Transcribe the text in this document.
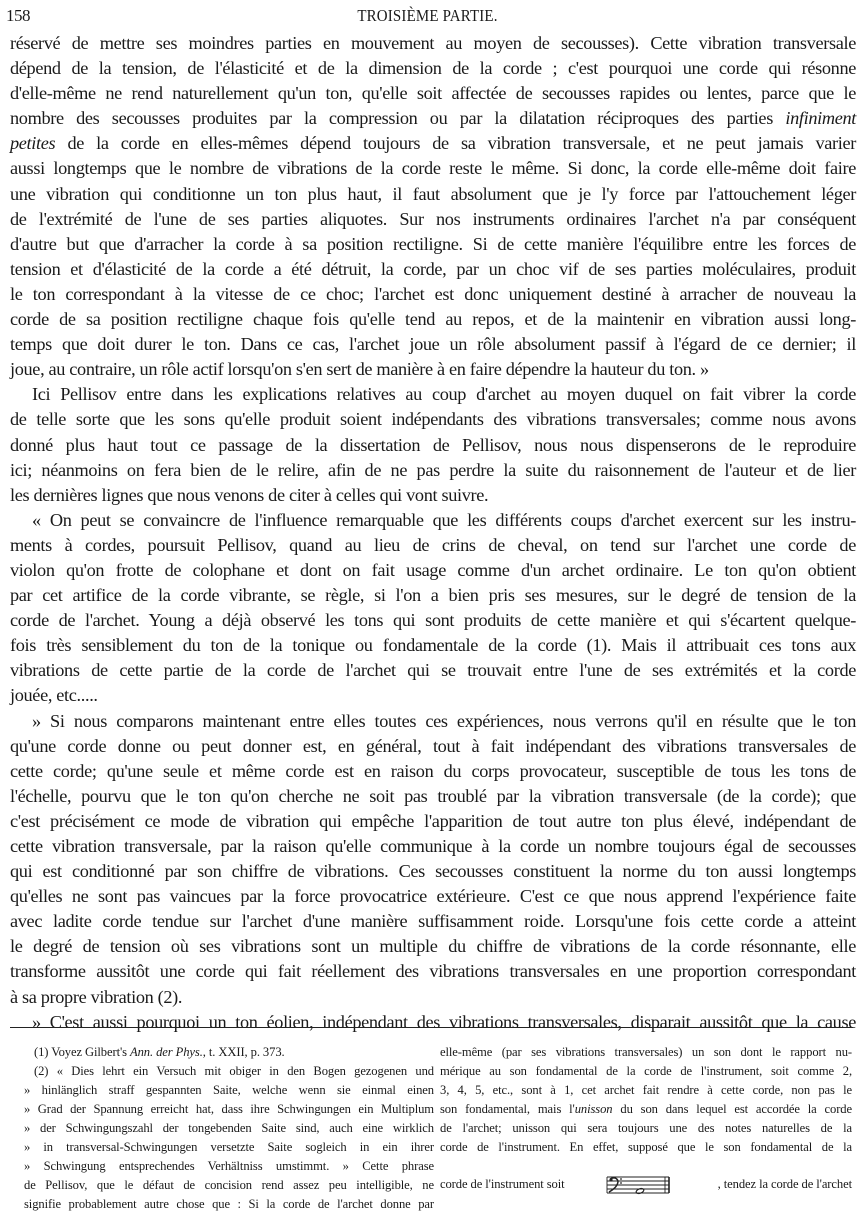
158	TROISIÈME PARTIE.
réservé de mettre ses moindres parties en mouvement au moyen de secousses). Cette vibration transversale
dépend de la tension, de l'élasticité et de la dimension de la corde ; c'est pourquoi une corde qui résonne
d'elle-même ne rend naturellement qu'un ton, qu'elle soit affectée de secousses rapides ou lentes, parce que le
nombre des secousses produites par la compression ou par la dilatation réciproques des parties infiniment
petites de la corde en elles-mêmes dépend toujours de sa vibration transversale, et ne peut jamais varier
aussi longtemps que le nombre de vibrations de la corde reste le même. Si donc, la corde elle-même doit faire
une vibration qui conditionne un ton plus haut, il faut absolument que je l'y force par l'attouchement léger
de l'extrémité de l'une de ses parties aliquotes. Sur nos instruments ordinaires l'archet n'a par conséquent
d'autre but que d'arracher la corde à sa position rectiligne. Si de cette manière l'équilibre entre les forces de
tension et d'élasticité de la corde a été détruit, la corde, par un choc vif de ses parties moléculaires, produit
le ton correspondant à la vitesse de ce choc; l'archet est donc uniquement destiné à arracher de nouveau la
corde de sa position rectiligne chaque fois qu'elle tend au repos, et de la maintenir en vibration aussi long-
temps que doit durer le ton. Dans ce cas, l'archet joue un rôle absolument passif à l'égard de ce dernier; il
joue, au contraire, un rôle actif lorsqu'on s'en sert de manière à en faire dépendre la hauteur du ton. »
Ici Pellisov entre dans les explications relatives au coup d'archet au moyen duquel on fait vibrer la corde
de telle sorte que les sons qu'elle produit soient indépendants des vibrations transversales; comme nous avons
donné plus haut tout ce passage de la dissertation de Pellisov, nous nous dispenserons de le reproduire
ici; néanmoins on fera bien de le relire, afin de ne pas perdre la suite du raisonnement de l'auteur et de lier
les dernières lignes que nous venons de citer à celles qui vont suivre.
« On peut se convaincre de l'influence remarquable que les différents coups d'archet exercent sur les instru-
ments à cordes, poursuit Pellisov, quand au lieu de crins de cheval, on tend sur l'archet une corde de
violon qu'on frotte de colophane et dont on fait usage comme d'un archet ordinaire. Le ton qu'on obtient
par cet artifice de la corde vibrante, se règle, si l'on a bien pris ses mesures, sur le degré de tension de la
corde de l'archet. Young a déjà observé les tons qui sont produits de cette manière et qui s'écartent quelque-
fois très sensiblement du ton de la tonique ou fondamentale de la corde (1). Mais il attribuait ces tons aux
vibrations de cette partie de la corde de l'archet qui se trouvait entre l'une de ses extrémités et la corde
jouée, etc.....
» Si nous comparons maintenant entre elles toutes ces expériences, nous verrons qu'il en résulte que le ton
qu'une corde donne ou peut donner est, en général, tout à fait indépendant des vibrations transversales de
cette corde; qu'une seule et même corde est en raison du corps provocateur, susceptible de tous les tons de
l'échelle, pourvu que le ton qu'on cherche ne soit pas troublé par la vibration transversale (de la corde); que
c'est précisément ce mode de vibration qui empêche l'apparition de tout autre ton plus élevé, indépendant de
cette vibration transversale, par la raison qu'elle communique à la corde un nombre toujours égal de secousses
qui est conditionné par son chiffre de vibrations. Ces secousses constituent la norme du ton aussi longtemps
qu'elles ne sont pas vaincues par la force provocatrice extérieure. C'est ce que nous apprend l'expérience faite
avec ladite corde tendue sur l'archet d'une manière suffisamment roide. Lorsqu'une fois cette corde a atteint
le degré de tension où ses vibrations sont un multiple du chiffre de vibrations de la corde résonnante, elle
transforme aussitôt une corde qui fait réellement des vibrations transversales en une proportion correspondant
à sa propre vibration (2).
» C'est aussi pourquoi un ton éolien, indépendant des vibrations transversales, disparait aussitôt que la cause
(1) Voyez Gilbert's Ann. der Phys., t. XXII, p. 373.
(2) « Dies lehrt ein Versuch mit obiger in den Bogen gezogenen und
» hinlänglich straff gespannten Saite, welche wenn sie einmal einen
» Grad der Spannung erreicht hat, dass ihre Schwingungen ein Multiplum
» der Schwingungszahl der tongebenden Saite sind, auch eine wirklich
» in transversal-Schwingungen versetzte Saite sogleich in ein ihrer
» Schwingung entsprechendes Verhältniss umstimmt. » Cette phrase
de Pellisov, que le défaut de concision rend assez peu intelligible, ne
signifie probablement autre chose que : Si la corde de l'archet donne par
elle-même (par ses vibrations transversales) un son dont le rapport nu-
mérique au son fondamental de la corde de l'instrument, soit comme 2,
3, 4, 5, etc., sont à 1, cet archet fait rendre à cette corde, non pas le
son fondamental, mais l'unisson du son dans lequel est accordée la corde
de l'archet; unisson qui sera toujours une des notes naturelles de la
corde de l'instrument. En effet, supposé que le son fondamental de la
corde de l'instrument soit	, tendez la corde de l'archet
